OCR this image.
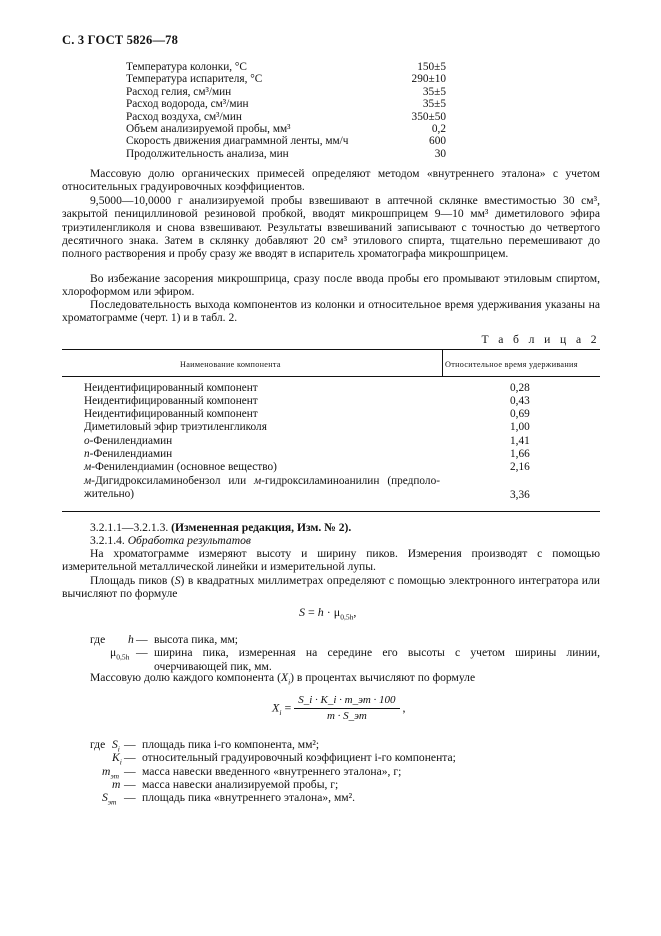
С. 3 ГОСТ 5826—78
Температура колонки, °С	150±5
Температура испарителя, °С	290±10
Расход гелия, см³/мин	35±5
Расход водорода, см³/мин	35±5
Расход воздуха, см³/мин	350±50
Объем анализируемой пробы, мм³	0,2
Скорость движения диаграммной ленты, мм/ч	600
Продолжительность анализа, мин	30
Массовую долю органических примесей определяют методом «внутреннего эталона» с учетом относительных градуировочных коэффициентов.
9,5000—10,0000 г анализируемой пробы взвешивают в аптечной склянке вместимостью 30 см³, закрытой пенициллиновой резиновой пробкой, вводят микрошприцем 9—10 мм³ диметилового эфира триэтиленгликоля и снова взвешивают. Результаты взвешиваний записывают с точностью до четвертого десятичного знака. Затем в склянку добавляют 20 см³ этилового спирта, тщательно перемешивают до полного растворения и пробу сразу же вводят в испаритель хроматографа микрошприцем.
Во избежание засорения микрошприца, сразу после ввода пробы его промывают этиловым спиртом, хлороформом или эфиром.
Последовательность выхода компонентов из колонки и относительное время удерживания указаны на хроматограмме (черт. 1) и в табл. 2.
Т а б л и ц а 2
Наименование компонента	Относительное время удерживания
Неидентифицированный компонент	0,28
Неидентифицированный компонент	0,43
Неидентифицированный компонент	0,69
Диметиловый эфир триэтиленгликоля	1,00
о-Фенилендиамин	1,41
п-Фенилендиамин	1,66
м-Фенилендиамин (основное вещество)	2,16
м-Дигидроксиламинобензол или м-гидроксиламиноанилин (предполо-
жительно)	3,36
3.2.1.1—3.2.1.3. (Измененная редакция, Изм. № 2).
3.2.1.4. Обработка результатов
На хроматограмме измеряют высоту и ширину пиков. Измерения производят с помощью измерительной металлической линейки и измерительной лупы.
Площадь пиков (S) в квадратных миллиметрах определяют с помощью электронного интегратора или вычисляют по формуле
$S = h \cdot \mu_{0,5h}$,
где h — высота пика, мм;
$\mu_{0,5h}$ — ширина пика, измеренная на середине его высоты с учетом ширины линии, очерчивающей пик, мм.
Массовую долю каждого компонента $(X_i)$ в процентах вычисляют по формуле
$X_i = \frac{S\_i \cdot K\_i \cdot m\_эт \cdot 100}{m \cdot S\_эт}$ ,
где $S_i$ — площадь пика i-го компонента, мм²;
$K_i$ — относительный градуировочный коэффициент i-го компонента;
$m_{эт}$ — масса навески введенного «внутреннего эталона», г;
m — масса навески анализируемой пробы, г;
$S_{эт}$ — площадь пика «внутреннего эталона», мм².
